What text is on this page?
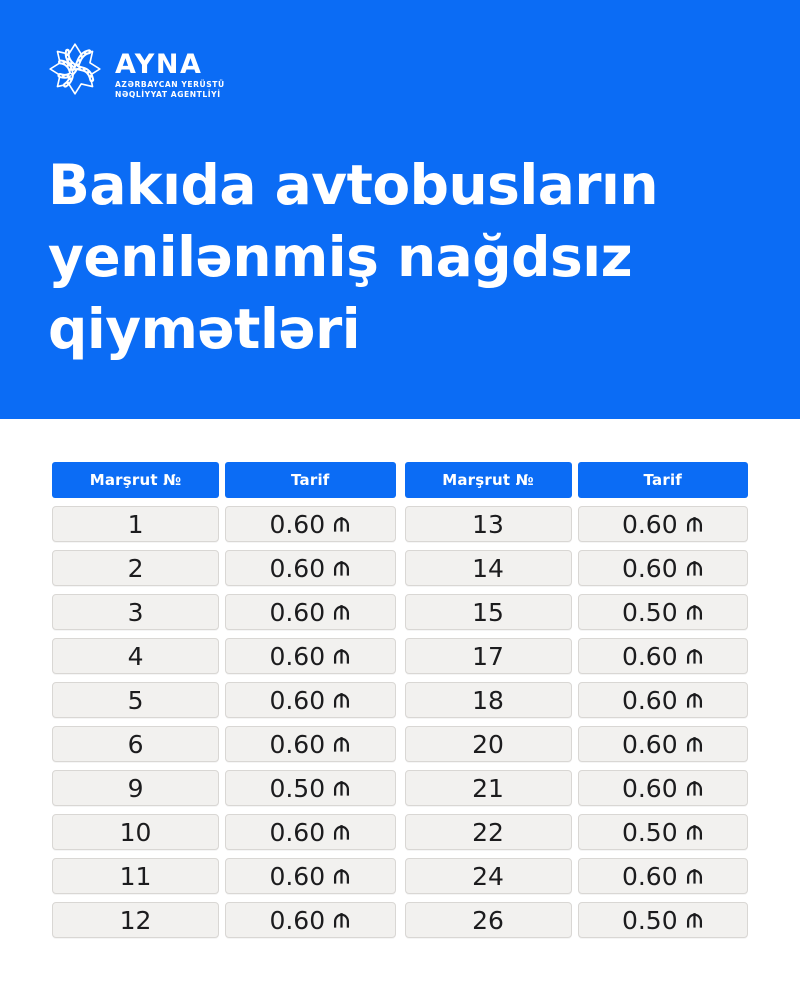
AYNA
AZƏRBAYCAN YERÜSTÜ
NƏQLİYYAT AGENTLİYİ
Bakıda avtobusların yenilənmiş nağdsız qiymətləri
Marşrut №	Tarif
1	0.60
2	0.60
3	0.60
4	0.60
5	0.60
6	0.60
9	0.50
10	0.60
11	0.60
12	0.60
Marşrut №	Tarif
13	0.60
14	0.60
15	0.50
17	0.60
18	0.60
20	0.60
21	0.60
22	0.50
24	0.60
26	0.50
